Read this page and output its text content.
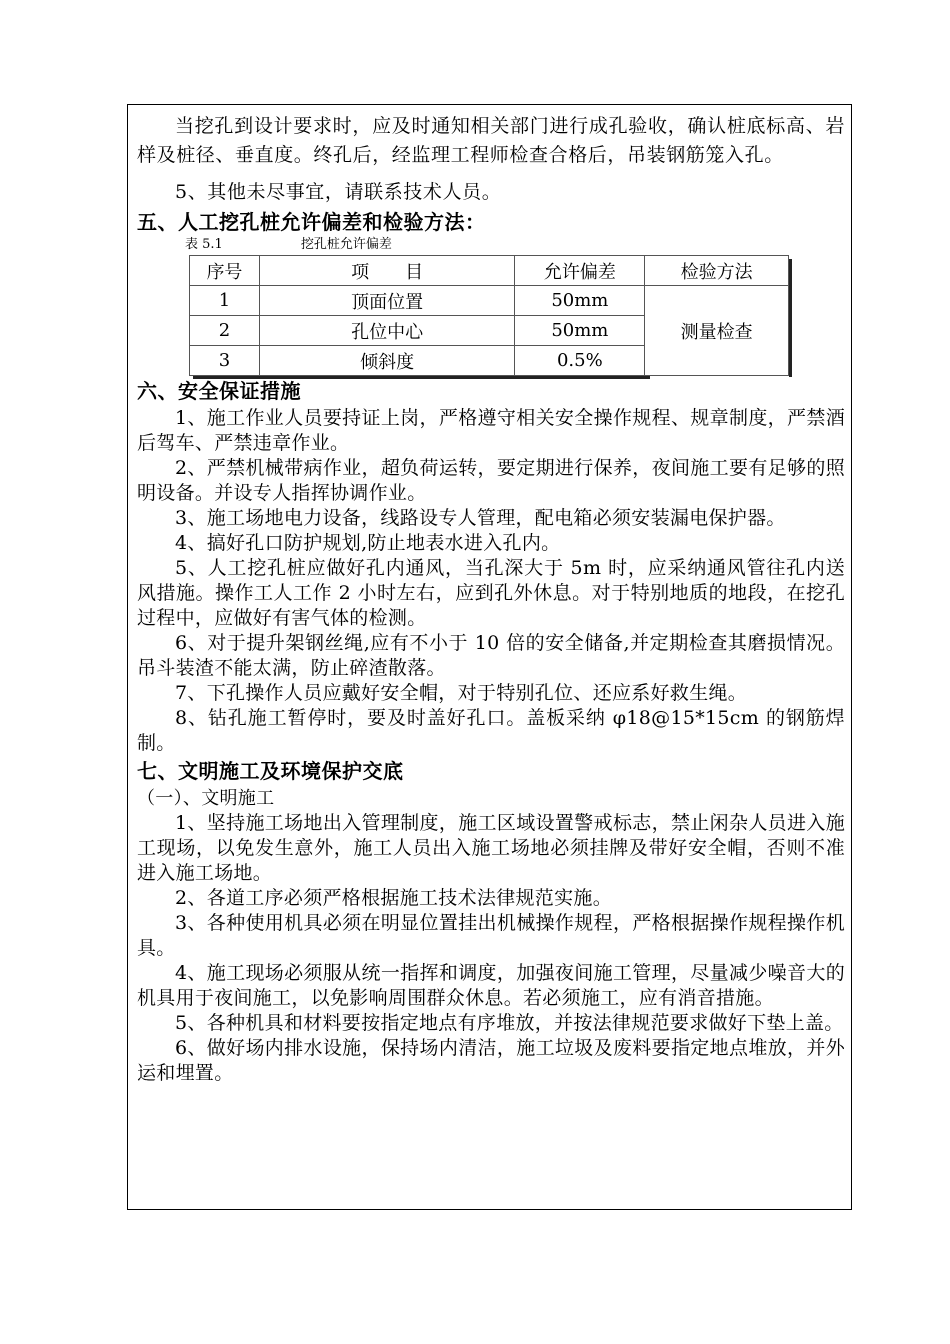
当挖孔到设计要求时，应及时通知相关部门进行成孔验收，确认桩底标高、岩样及桩径、垂直度。终孔后，经监理工程师检查合格后，吊装钢筋笼入孔。

5、其他未尽事宜，请联系技术人员。

五、人工挖孔桩允许偏差和检验方法：
表 5.1	挖孔桩允许偏差
序号	项　　目	允许偏差	检验方法
1	顶面位置	50mm	测量检查
2	孔位中心	50mm	
3	倾斜度	0.5%	
六、安全保证措施

1、施工作业人员要持证上岗，严格遵守相关安全操作规程、规章制度，严禁酒后驾车、严禁违章作业。

2、严禁机械带病作业，超负荷运转，要定期进行保养，夜间施工要有足够的照明设备。并设专人指挥协调作业。

3、施工场地电力设备，线路设专人管理，配电箱必须安装漏电保护器。

4、搞好孔口防护规划,防止地表水进入孔内。

5、人工挖孔桩应做好孔内通风，当孔深大于 5m 时，应采纳通风管往孔内送风措施。操作工人工作 2 小时左右，应到孔外休息。对于特别地质的地段，在挖孔过程中，应做好有害气体的检测。

6、对于提升架钢丝绳,应有不小于 10 倍的安全储备,并定期检查其磨损情况。吊斗装渣不能太满，防止碎渣散落。

7、下孔操作人员应戴好安全帽，对于特别孔位、还应系好救生绳。

8、钻孔施工暂停时，要及时盖好孔口。盖板采纳 φ18@15*15cm 的钢筋焊制。

七、文明施工及环境保护交底

（一）、文明施工

1、坚持施工场地出入管理制度，施工区域设置警戒标志，禁止闲杂人员进入施工现场，以免发生意外，施工人员出入施工场地必须挂牌及带好安全帽，否则不准进入施工场地。

2、各道工序必须严格根据施工技术法律规范实施。

3、各种使用机具必须在明显位置挂出机械操作规程，严格根据操作规程操作机具。

4、施工现场必须服从统一指挥和调度，加强夜间施工管理，尽量减少噪音大的机具用于夜间施工，以免影响周围群众休息。若必须施工，应有消音措施。

5、各种机具和材料要按指定地点有序堆放，并按法律规范要求做好下垫上盖。

6、做好场内排水设施，保持场内清洁，施工垃圾及废料要指定地点堆放，并外运和埋置。
